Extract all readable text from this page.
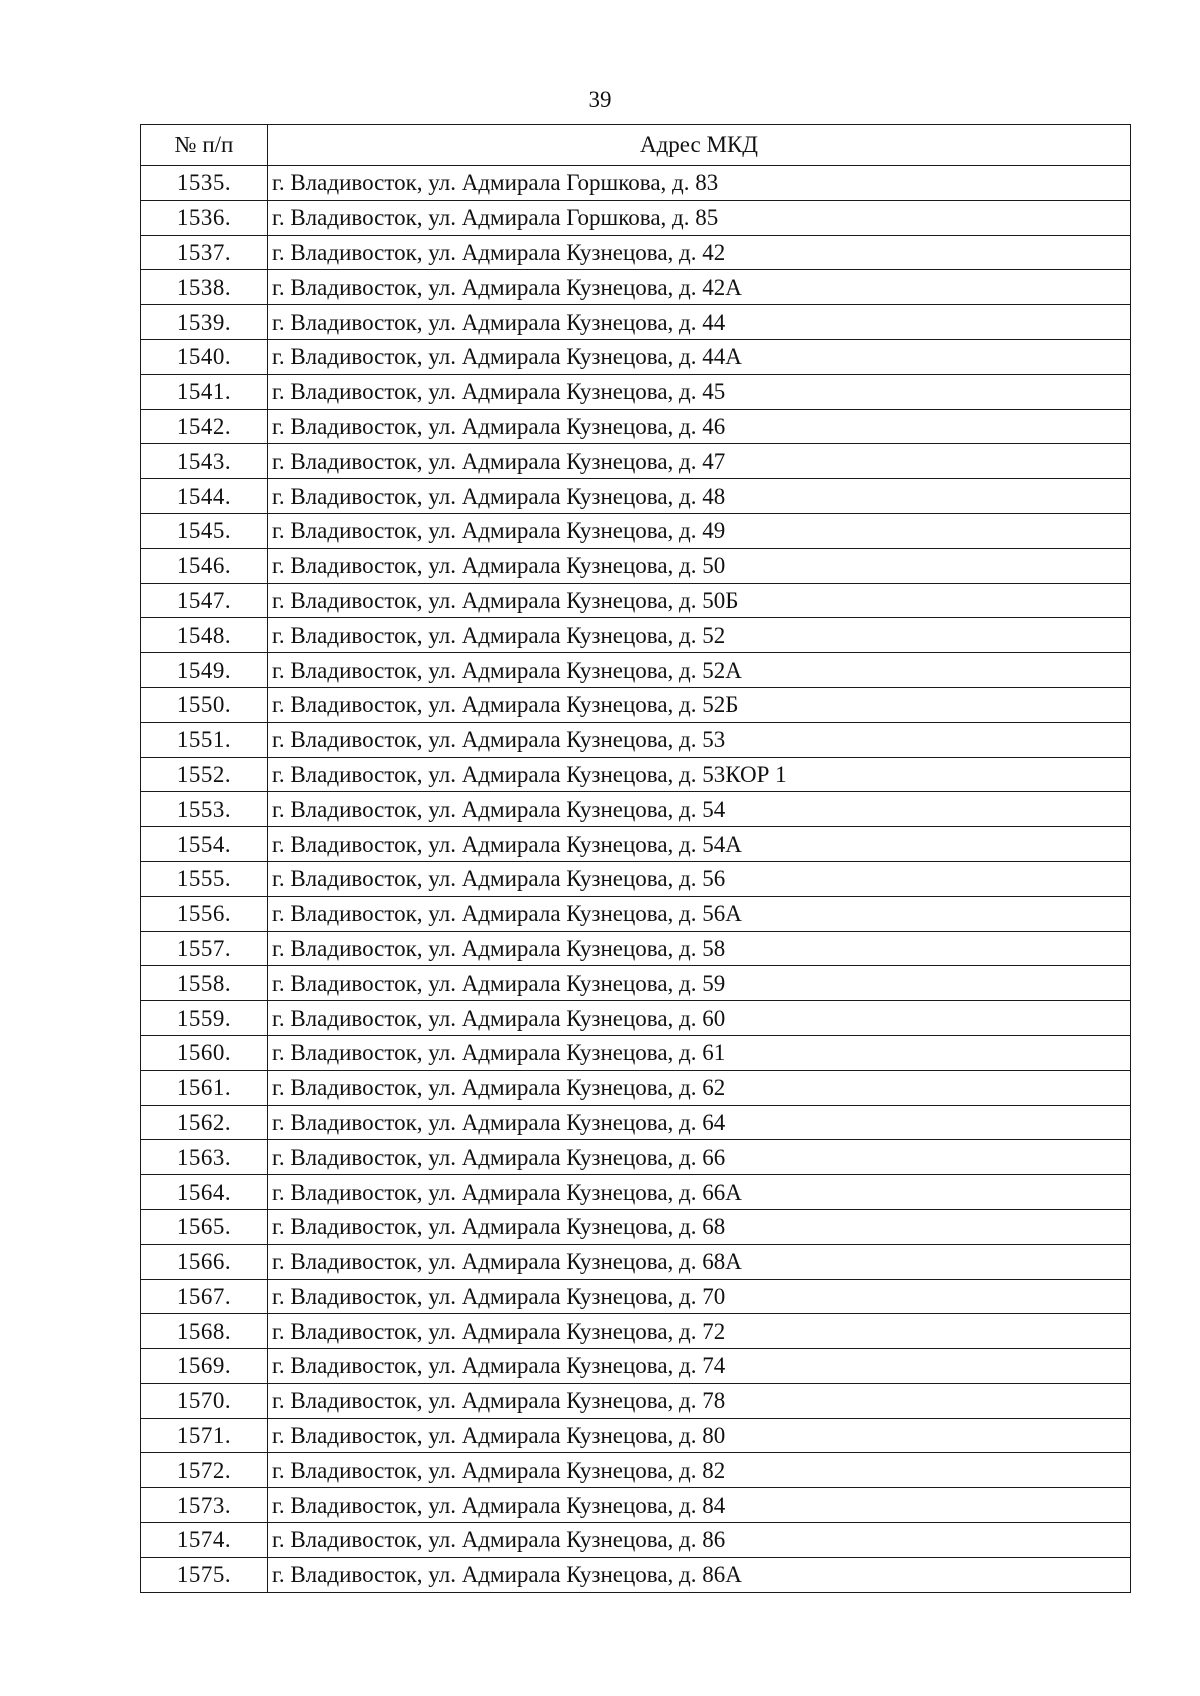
39
№ п/п	Адрес МКД
1535.	г. Владивосток, ул. Адмирала Горшкова, д. 83
1536.	г. Владивосток, ул. Адмирала Горшкова, д. 85
1537.	г. Владивосток, ул. Адмирала Кузнецова, д. 42
1538.	г. Владивосток, ул. Адмирала Кузнецова, д. 42А
1539.	г. Владивосток, ул. Адмирала Кузнецова, д. 44
1540.	г. Владивосток, ул. Адмирала Кузнецова, д. 44А
1541.	г. Владивосток, ул. Адмирала Кузнецова, д. 45
1542.	г. Владивосток, ул. Адмирала Кузнецова, д. 46
1543.	г. Владивосток, ул. Адмирала Кузнецова, д. 47
1544.	г. Владивосток, ул. Адмирала Кузнецова, д. 48
1545.	г. Владивосток, ул. Адмирала Кузнецова, д. 49
1546.	г. Владивосток, ул. Адмирала Кузнецова, д. 50
1547.	г. Владивосток, ул. Адмирала Кузнецова, д. 50Б
1548.	г. Владивосток, ул. Адмирала Кузнецова, д. 52
1549.	г. Владивосток, ул. Адмирала Кузнецова, д. 52А
1550.	г. Владивосток, ул. Адмирала Кузнецова, д. 52Б
1551.	г. Владивосток, ул. Адмирала Кузнецова, д. 53
1552.	г. Владивосток, ул. Адмирала Кузнецова, д. 53КОР 1
1553.	г. Владивосток, ул. Адмирала Кузнецова, д. 54
1554.	г. Владивосток, ул. Адмирала Кузнецова, д. 54А
1555.	г. Владивосток, ул. Адмирала Кузнецова, д. 56
1556.	г. Владивосток, ул. Адмирала Кузнецова, д. 56А
1557.	г. Владивосток, ул. Адмирала Кузнецова, д. 58
1558.	г. Владивосток, ул. Адмирала Кузнецова, д. 59
1559.	г. Владивосток, ул. Адмирала Кузнецова, д. 60
1560.	г. Владивосток, ул. Адмирала Кузнецова, д. 61
1561.	г. Владивосток, ул. Адмирала Кузнецова, д. 62
1562.	г. Владивосток, ул. Адмирала Кузнецова, д. 64
1563.	г. Владивосток, ул. Адмирала Кузнецова, д. 66
1564.	г. Владивосток, ул. Адмирала Кузнецова, д. 66А
1565.	г. Владивосток, ул. Адмирала Кузнецова, д. 68
1566.	г. Владивосток, ул. Адмирала Кузнецова, д. 68А
1567.	г. Владивосток, ул. Адмирала Кузнецова, д. 70
1568.	г. Владивосток, ул. Адмирала Кузнецова, д. 72
1569.	г. Владивосток, ул. Адмирала Кузнецова, д. 74
1570.	г. Владивосток, ул. Адмирала Кузнецова, д. 78
1571.	г. Владивосток, ул. Адмирала Кузнецова, д. 80
1572.	г. Владивосток, ул. Адмирала Кузнецова, д. 82
1573.	г. Владивосток, ул. Адмирала Кузнецова, д. 84
1574.	г. Владивосток, ул. Адмирала Кузнецова, д. 86
1575.	г. Владивосток, ул. Адмирала Кузнецова, д. 86А
